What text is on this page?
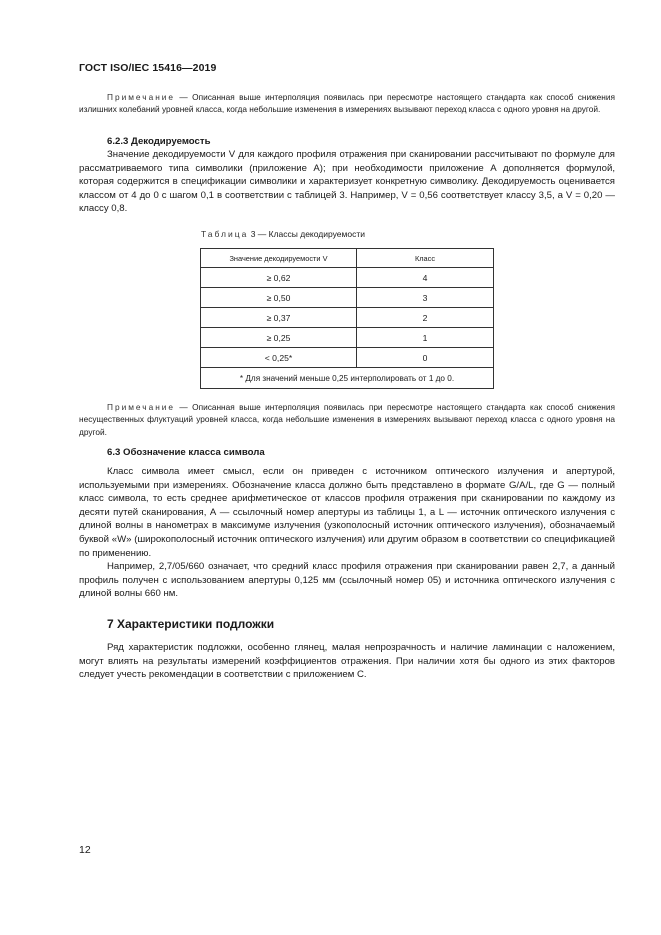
ГОСТ ISO/IEC 15416—2019
Примечание — Описанная выше интерполяция появилась при пересмотре настоящего стандарта как способ снижения излишних колебаний уровней класса, когда небольшие изменения в измерениях вызывают переход класса с одного уровня на другой.
6.2.3 Декодируемость
Значение декодируемости V для каждого профиля отражения при сканировании рассчитывают по формуле для рассматриваемого типа символики (приложение А); при необходимости приложение А дополняется формулой, которая содержится в спецификации символики и характеризует конкретную символику. Декодируемость оценивается классом от 4 до 0 с шагом 0,1 в соответствии с таблицей 3. Например, V = 0,56 соответствует классу 3,5, а V = 0,20 — классу 0,8.
Таблица 3 — Классы декодируемости
Значение декодируемости V	Класс
≥ 0,62	4
≥ 0,50	3
≥ 0,37	2
≥ 0,25	1
< 0,25*	0
* Для значений меньше 0,25 интерполировать от 1 до 0.	
Примечание — Описанная выше интерполяция появилась при пересмотре настоящего стандарта как способ снижения несущественных флуктуаций уровней класса, когда небольшие изменения в измерениях вызывают переход класса с одного уровня на другой.
6.3 Обозначение класса символа
Класс символа имеет смысл, если он приведен с источником оптического излучения и апертурой, используемыми при измерениях. Обозначение класса должно быть представлено в формате G/A/L, где G — полный класс символа, то есть среднее арифметическое от классов профиля отражения при сканировании по каждому из десяти путей сканирования, А — ссылочный номер апертуры из таблицы 1, а L — источник оптического излучения с длиной волны в нанометрах в максимуме излучения (узкополосный источник оптического излучения), обозначаемый буквой «W» (широкополосный источник оптического излучения) или другим образом в соответствии со спецификацией по применению.
Например, 2,7/05/660 означает, что средний класс профиля отражения при сканировании равен 2,7, а данный профиль получен с использованием апертуры 0,125 мм (ссылочный номер 05) и источника оптического излучения с длиной волны 660 нм.
7 Характеристики подложки
Ряд характеристик подложки, особенно глянец, малая непрозрачность и наличие ламинации с наложением, могут влиять на результаты измерений коэффициентов отражения. При наличии хотя бы одного из этих факторов следует учесть рекомендации в соответствии с приложением С.
12
